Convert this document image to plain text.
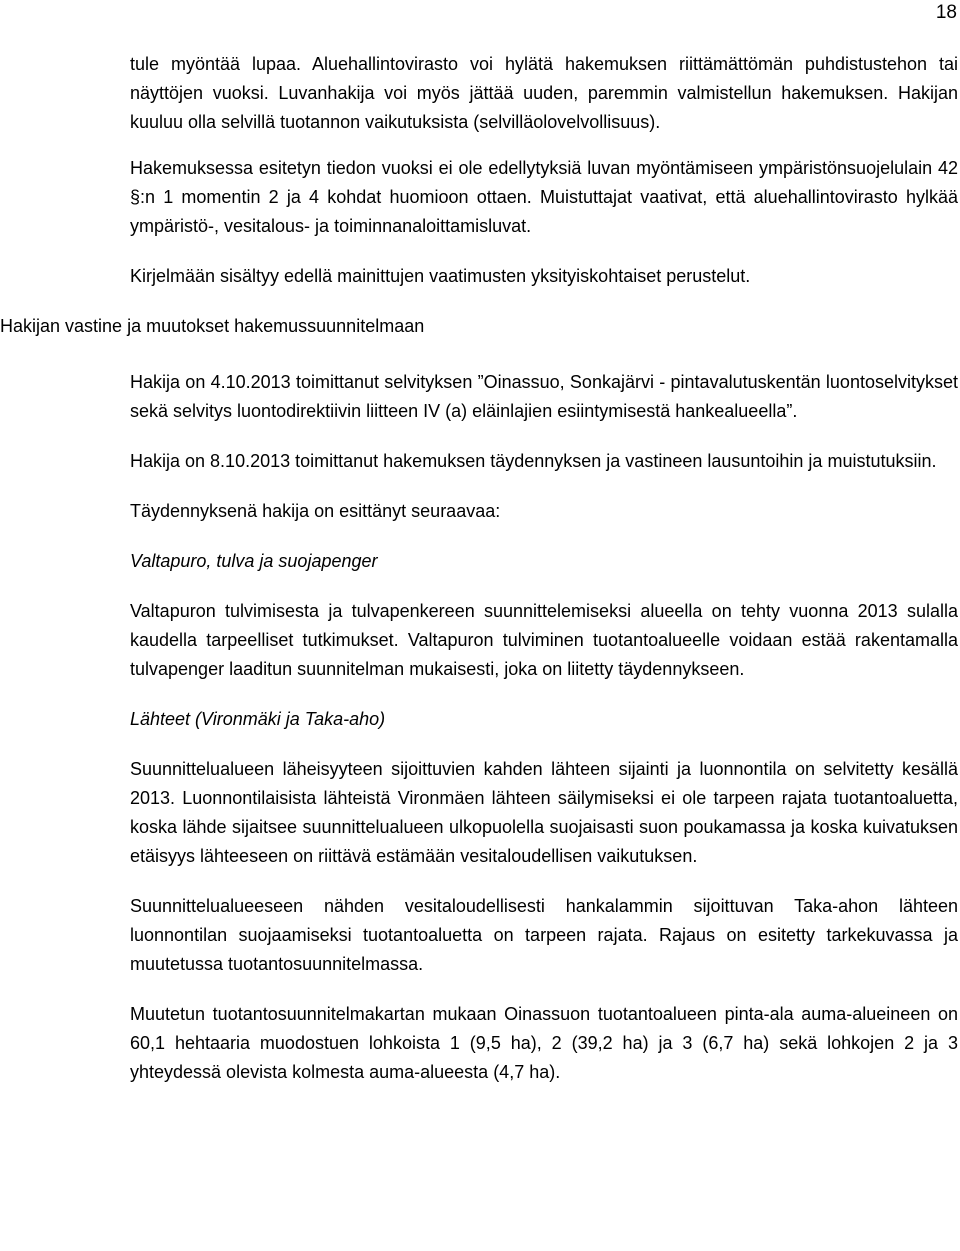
18

tule myöntää lupaa. Aluehallintovirasto voi hylätä hakemuksen riittämättömän puhdistustehon tai näyttöjen vuoksi. Luvanhakija voi myös jättää uuden, paremmin valmistellun hakemuksen. Hakijan kuuluu olla selvillä tuotannon vaikutuksista (selvilläolovelvollisuus).

Hakemuksessa esitetyn tiedon vuoksi ei ole edellytyksiä luvan myöntämiseen ympäristönsuojelulain 42 §:n 1 momentin 2 ja 4 kohdat huomioon ottaen. Muistuttajat vaativat, että aluehallintovirasto hylkää ympäristö-, vesitalous- ja toiminnanaloittamisluvat.

Kirjelmään sisältyy edellä mainittujen vaatimusten yksityiskohtaiset perustelut.

Hakijan vastine ja muutokset hakemussuunnitelmaan

Hakija on 4.10.2013 toimittanut selvityksen ”Oinassuo, Sonkajärvi - pintavalutuskentän luontoselvitykset sekä selvitys luontodirektiivin liitteen IV (a) eläinlajien esiintymisestä hankealueella”.

Hakija on 8.10.2013 toimittanut hakemuksen täydennyksen ja vastineen lausuntoihin ja muistutuksiin.

Täydennyksenä hakija on esittänyt seuraavaa:

Valtapuro, tulva ja suojapenger

Valtapuron tulvimisesta ja tulvapenkereen suunnittelemiseksi alueella on tehty vuonna 2013 sulalla kaudella tarpeelliset tutkimukset. Valtapuron tulviminen tuotantoalueelle voidaan estää rakentamalla tulvapenger laaditun suunnitelman mukaisesti, joka on liitetty täydennykseen.

Lähteet (Vironmäki ja Taka-aho)

Suunnittelualueen läheisyyteen sijoittuvien kahden lähteen sijainti ja luonnontila on selvitetty kesällä 2013. Luonnontilaisista lähteistä Vironmäen lähteen säilymiseksi ei ole tarpeen rajata tuotantoaluetta, koska lähde sijaitsee suunnittelualueen ulkopuolella suojaisasti suon poukamassa ja koska kuivatuksen etäisyys lähteeseen on riittävä estämään vesitaloudellisen vaikutuksen.

Suunnittelualueeseen nähden vesitaloudellisesti hankalammin sijoittuvan Taka-ahon lähteen luonnontilan suojaamiseksi tuotantoaluetta on tarpeen rajata. Rajaus on esitetty tarkekuvassa ja muutetussa tuotantosuunnitelmassa.

Muutetun tuotantosuunnitelmakartan mukaan Oinassuon tuotantoalueen pinta-ala auma-alueineen on 60,1 hehtaaria muodostuen lohkoista 1 (9,5 ha), 2 (39,2 ha) ja 3 (6,7 ha) sekä lohkojen 2 ja 3 yhteydessä olevista kolmesta auma-alueesta (4,7 ha).
